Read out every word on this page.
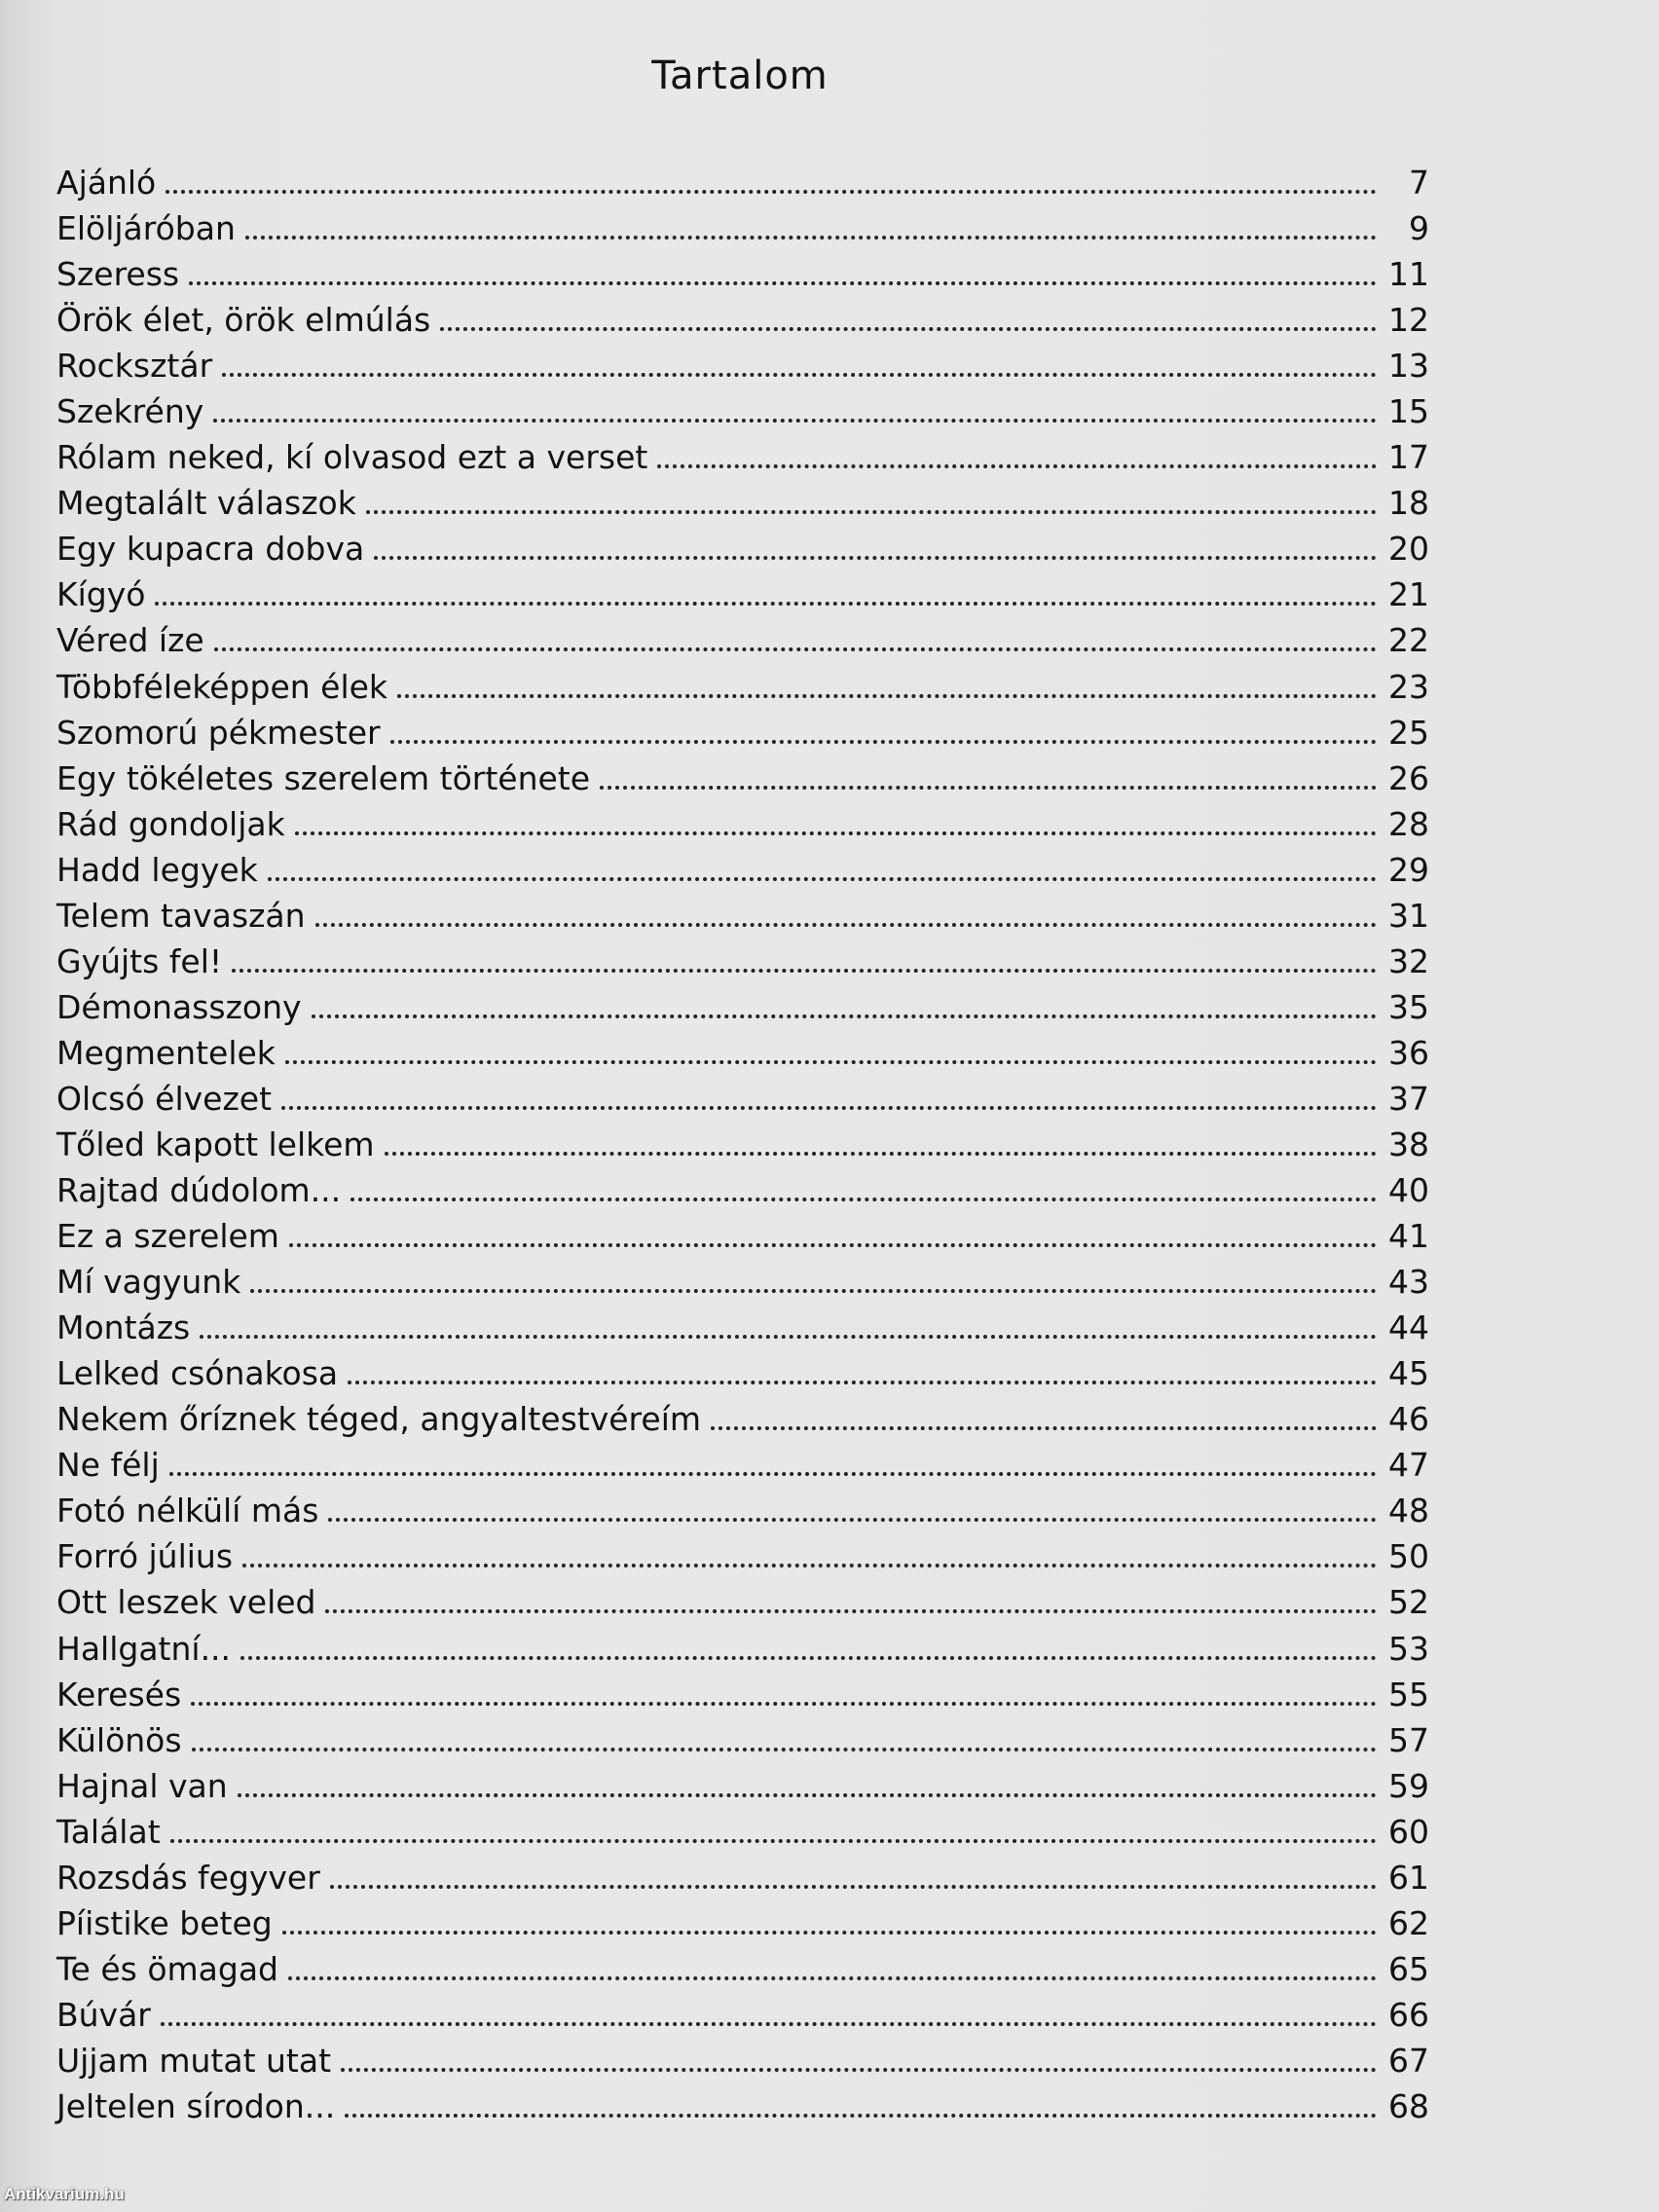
Tartalom
Ajánló	7
Elöljáróban	9
Szeress	11
Örök élet, örök elmúlás	12
Rocksztár	13
Szekrény	15
Rólam neked, kí olvasod ezt a verset	17
Megtalált válaszok	18
Egy kupacra dobva	20
Kígyó	21
Véred íze	22
Többféleképpen élek	23
Szomorú pékmester	25
Egy tökéletes szerelem története	26
Rád gondoljak	28
Hadd legyek	29
Telem tavaszán	31
Gyújts fel!	32
Démonasszony	35
Megmentelek	36
Olcsó élvezet	37
Tőled kapott lelkem	38
Rajtad dúdolom...	40
Ez a szerelem	41
Mí vagyunk	43
Montázs	44
Lelked csónakosa	45
Nekem őríznek téged, angyaltestvéreím	46
Ne félj	47
Fotó nélkülí más	48
Forró július	50
Ott leszek veled	52
Hallgatní...	53
Keresés	55
Különös	57
Hajnal van	59
Találat	60
Rozsdás fegyver	61
Píistike beteg	62
Te és ömagad	65
Búvár	66
Ujjam mutat utat	67
Jeltelen sírodon...	68
Antikvarium.hu
